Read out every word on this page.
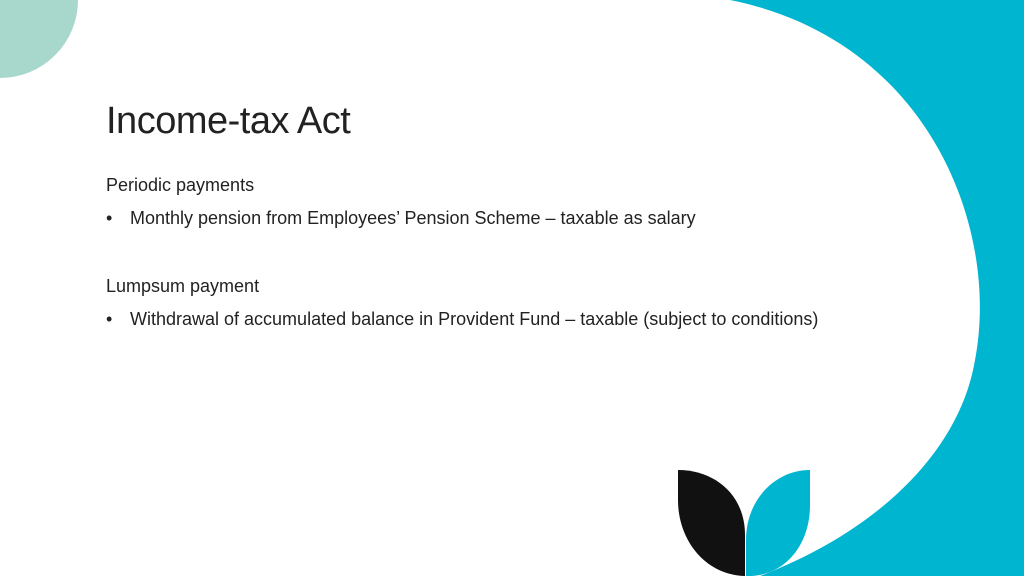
Income-tax Act
Periodic payments
• Monthly pension from Employees’ Pension Scheme – taxable as salary
Lumpsum payment
• Withdrawal of accumulated balance in Provident Fund – taxable (subject to conditions)
